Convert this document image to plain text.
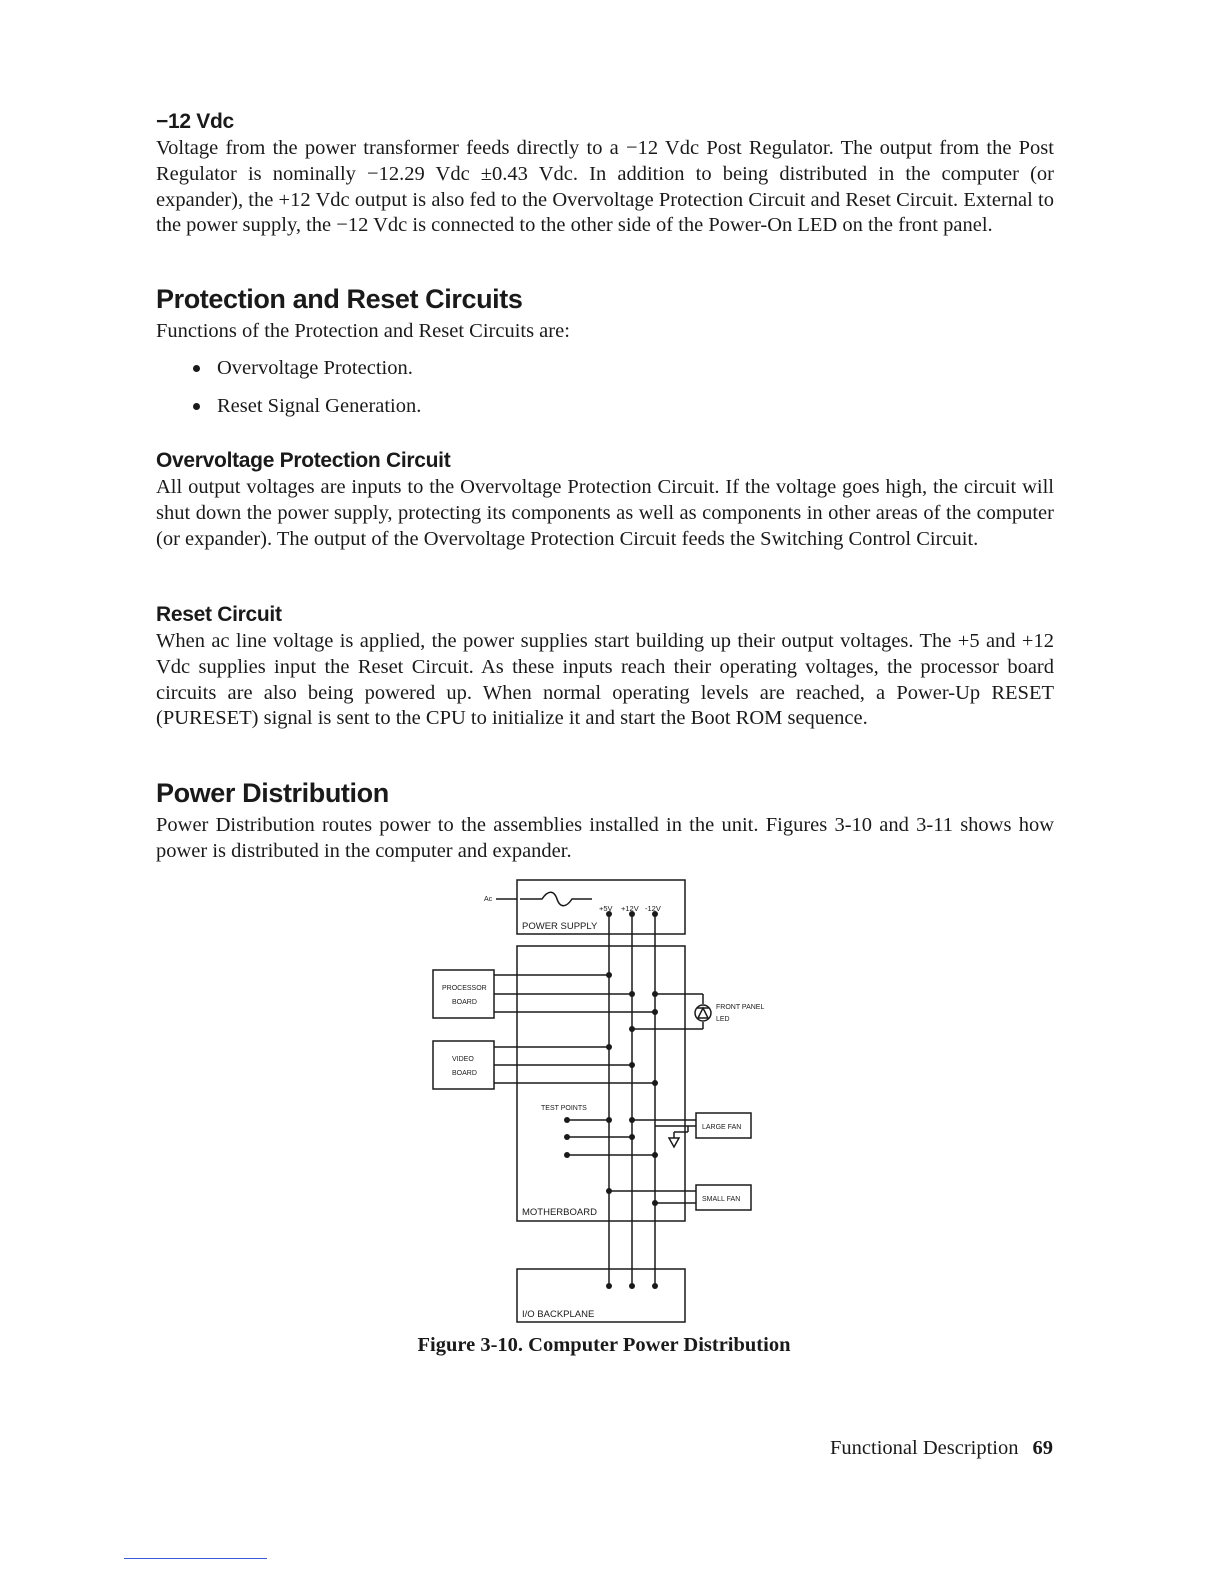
−12 Vdc

Voltage from the power transformer feeds directly to a −12 Vdc Post Regulator. The output from the Post Regulator is nominally −12.29 Vdc ±0.43 Vdc. In addition to being distributed in the computer (or expander), the +12 Vdc output is also fed to the Overvoltage Protection Circuit and Reset Circuit. External to the power supply, the −12 Vdc is connected to the other side of the Power-On LED on the front panel.

Protection and Reset Circuits

Functions of the Protection and Reset Circuits are:

Overvoltage Protection.
Reset Signal Generation.
Overvoltage Protection Circuit

All output voltages are inputs to the Overvoltage Protection Circuit. If the voltage goes high, the circuit will shut down the power supply, protecting its components as well as components in other areas of the computer (or expander). The output of the Overvoltage Protection Circuit feeds the Switching Control Circuit.

Reset Circuit

When ac line voltage is applied, the power supplies start building up their output voltages. The +5 and +12 Vdc supplies input the Reset Circuit. As these inputs reach their operating voltages, the processor board circuits are also being powered up. When normal operating levels are reached, a Power-Up RESET (PURESET) signal is sent to the CPU to initialize it and start the Boot ROM sequence.

Power Distribution

Power Distribution routes power to the assemblies installed in the unit. Figures 3-10 and 3-11 shows how power is distributed in the computer and expander.

Ac
+5V +12V -12V
POWER SUPPLY
PROCESSOR
BOARD
VIDEO
BOARD
FRONT PANEL
LED
TEST POINTS
LARGE FAN
SMALL FAN
MOTHERBOARD
I/O BACKPLANE
Figure 3-10. Computer Power Distribution
Functional Description 69
